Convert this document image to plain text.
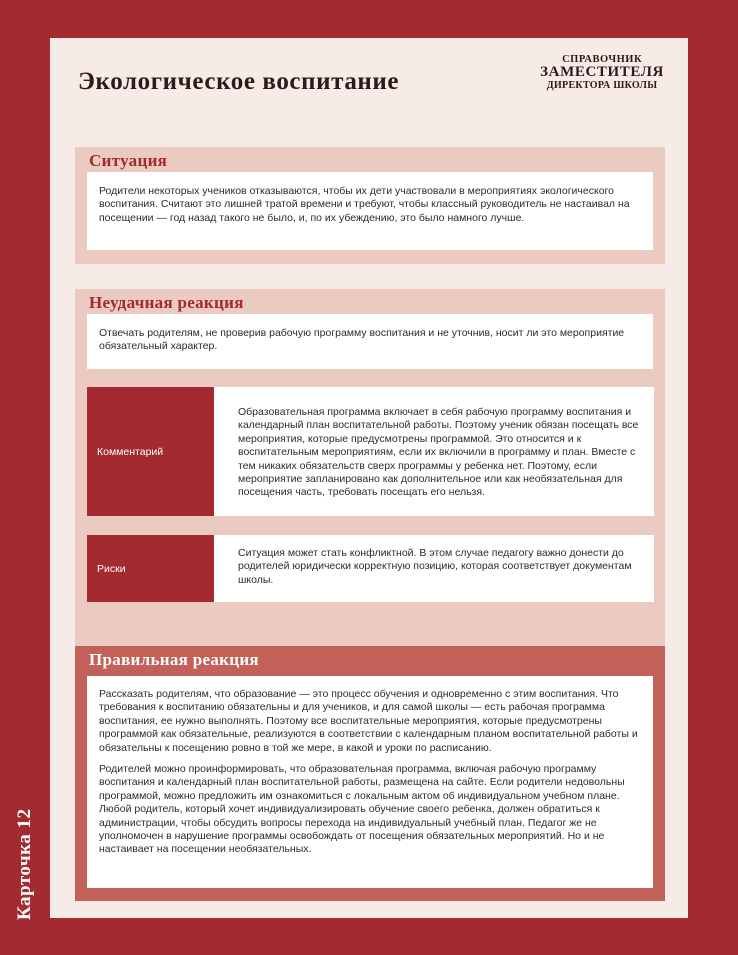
Экологическое воспитание
СПРАВОЧНИК
ЗАМЕСТИТЕЛЯ
ДИРЕКТОРА ШКОЛЫ
Ситуация

Родители некоторых учеников отказываются, чтобы их дети участвовали в мероприятиях экологического воспитания. Считают это лишней тратой времени и требуют, чтобы классный руководитель не настаивал на посещении — год назад такого не было, и, по их убеждению, это было намного лучше.

Неудачная реакция

Отвечать родителям, не проверив рабочую программу воспитания и не уточнив, носит ли это мероприятие обязательный характер.

Комментарий
Образовательная программа включает в себя рабочую программу воспитания и календарный план воспитательной работы. Поэтому ученик обязан посещать все мероприятия, которые предусмотрены программой. Это относится и к воспитательным мероприятиям, если их включили в программу и план. Вместе с тем никаких обязательств сверх программы у ребенка нет. Поэтому, если мероприятие запланировано как дополнительное или как необязательная для посещения часть, требовать посещать его нельзя.
Риски
Ситуация может стать конфликтной. В этом случае педагогу важно донести до родителей юридически корректную позицию, которая соответствует документам школы.
Правильная реакция

Рассказать родителям, что образование — это процесс обучения и одновременно с этим воспитания. Что требования к воспитанию обязательны и для учеников, и для самой школы — есть рабочая программа воспитания, ее нужно выполнять. Поэтому все воспитательные мероприятия, которые предусмотрены программой как обязательные, реализуются в соответствии с календарным планом воспитательной работы и обязательны к посещению ровно в той же мере, в какой и уроки по расписанию.

Родителей можно проинформировать, что образовательная программа, включая рабочую программу воспитания и календарный план воспитательной работы, размещена на сайте. Если родители недовольны программой, можно предложить им ознакомиться с локальным актом об индивидуальном учебном плане. Любой родитель, который хочет индивидуализировать обучение своего ребенка, должен обратиться к администрации, чтобы обсудить вопросы перехода на индивидуальный учебный план. Педагог же не уполномочен в нарушение программы освобождать от посещения обязательных мероприятий. Но и не настаивает на посещении необязательных.

Карточка 12
